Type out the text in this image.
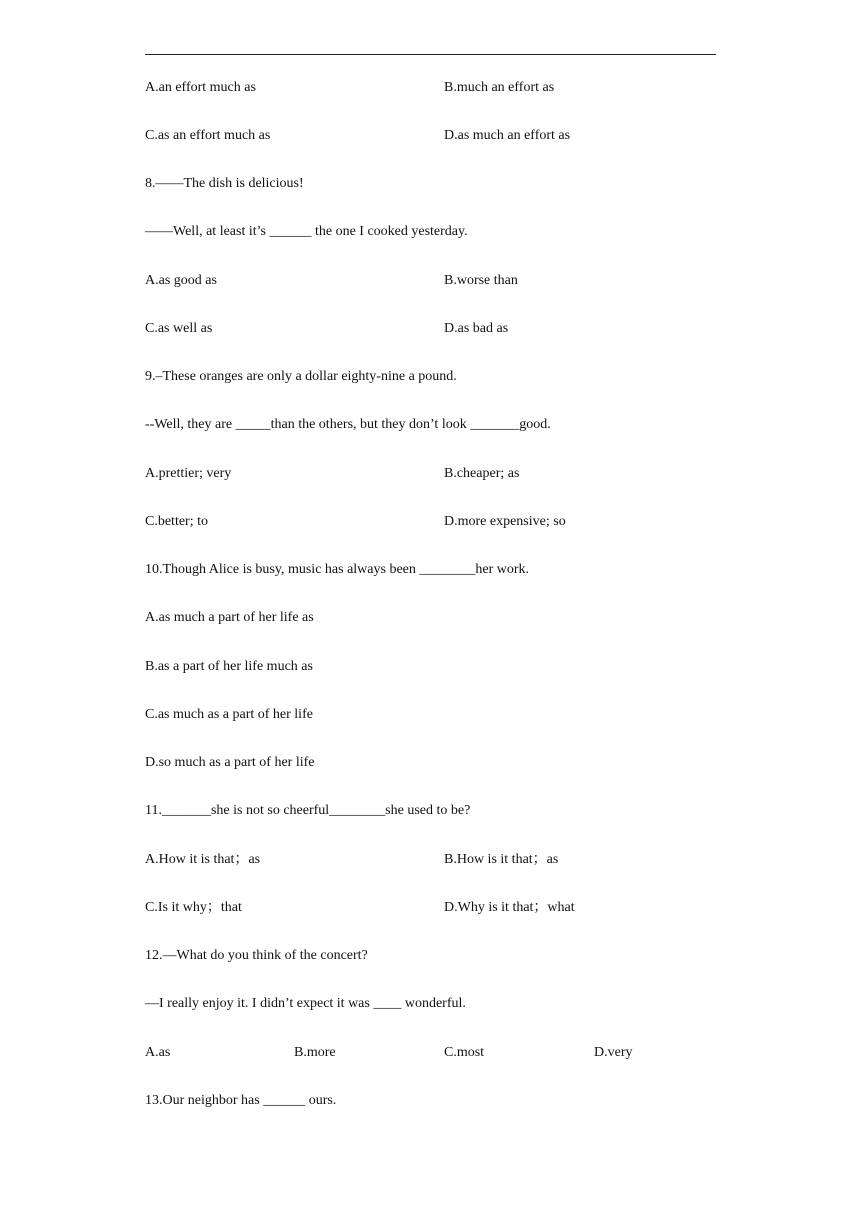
A.an effort much as	B.much an effort as
C.as an effort much as	D.as much an effort as
8.——The dish is delicious!
——Well, at least it’s ______ the one I cooked yesterday.
A.as good as	B.worse than
C.as well as	D.as bad as
9.–These oranges are only a dollar eighty-nine a pound.
--Well, they are _____than the others, but they don’t look _______good.
A.prettier; very	B.cheaper; as
C.better; to	D.more expensive; so
10.Though Alice is busy, music has always been ________her work.
A.as much a part of her life as
B.as a part of her life much as
C.as much as a part of her life
D.so much as a part of her life
11._______she is not so cheerful________she used to be?
A.How it is that；as	B.How is it that；as
C.Is it why；that	D.Why is it that；what
12.—What do you think of the concert?
—I really enjoy it. I didn’t expect it was ____ wonderful.
A.as	B.more	C.most	D.very
13.Our neighbor has ______ ours.
